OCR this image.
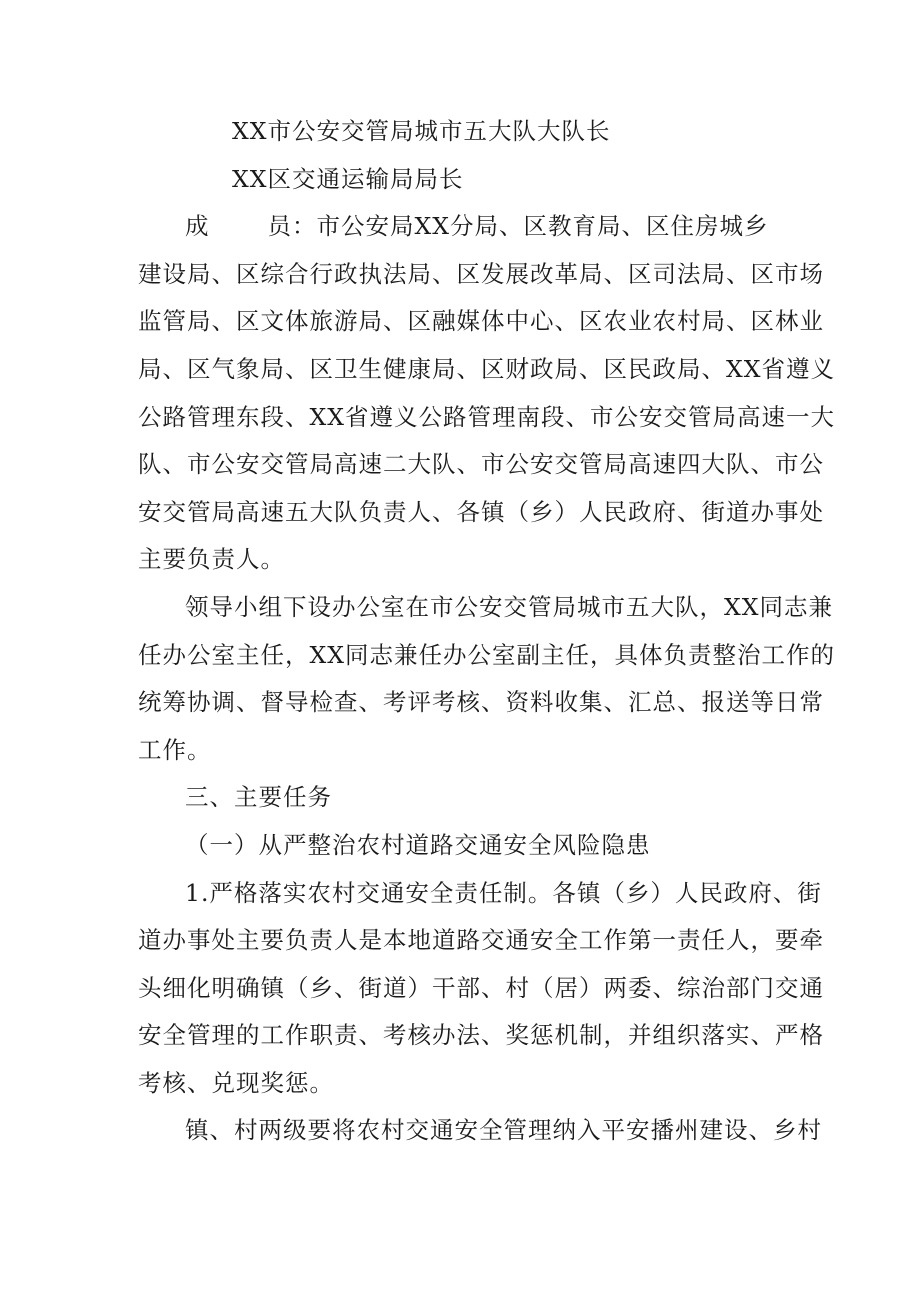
XX市公安交管局城市五大队大队长
XX区交通运输局局长
成 员：市公安局XX分局、区教育局、区住房城乡
建设局、区综合行政执法局、区发展改革局、区司法局、区市场
监管局、区文体旅游局、区融媒体中心、区农业农村局、区林业
局、区气象局、区卫生健康局、区财政局、区民政局、XX省遵义
公路管理东段、XX省遵义公路管理南段、市公安交管局高速一大
队、市公安交管局高速二大队、市公安交管局高速四大队、市公
安交管局高速五大队负责人、各镇（乡）人民政府、街道办事处
主要负责人。
领导小组下设办公室在市公安交管局城市五大队，XX同志兼
任办公室主任，XX同志兼任办公室副主任，具体负责整治工作的
统筹协调、督导检查、考评考核、资料收集、汇总、报送等日常
工作。
三、主要任务
（一）从严整治农村道路交通安全风险隐患
1.严格落实农村交通安全责任制。各镇（乡）人民政府、街
道办事处主要负责人是本地道路交通安全工作第一责任人，要牵
头细化明确镇（乡、街道）干部、村（居）两委、综治部门交通
安全管理的工作职责、考核办法、奖惩机制，并组织落实、严格
考核、兑现奖惩。
镇、村两级要将农村交通安全管理纳入平安播州建设、乡村
